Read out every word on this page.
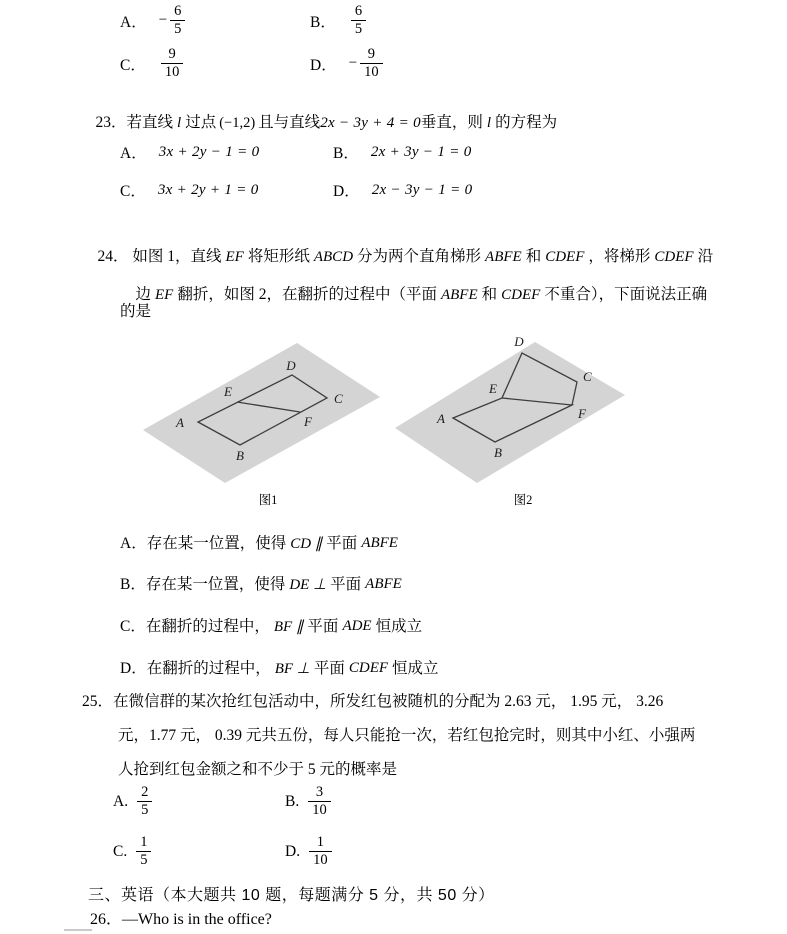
A． − $\frac{6}{5}$	B． $\frac{6}{5}$
C． $\frac{9}{10}$	D． − $\frac{9}{10}$

23．若直线 l 过点 (−1,2) 且与直线2x − 3y + 4 = 0垂直，则 l 的方程为

A． 3x + 2y − 1 = 0	B． 2x + 3y − 1 = 0
C． 3x + 2y + 1 = 0	D． 2x − 3y − 1 = 0

24． 如图 1，直线 EF 将矩形纸 ABCD 分为两个直角梯形 ABFE 和 CDEF ，将梯形 CDEF 沿

边 EF 翻折，如图 2，在翻折的过程中（平面 ABFE 和 CDEF 不重合），下面说法正确

的是
A
B
C
D
E
F
图1
A
B
C
D
E
F
图2
A．存在某一位置，使得 CD ∥ 平面 ABFE
B．存在某一位置，使得 DE ⊥ 平面 ABFE
C．在翻折的过程中， BF ∥ 平面 ADE 恒成立
D．在翻折的过程中， BF ⊥ 平面 CDEF 恒成立
25．在微信群的某次抢红包活动中，所发红包被随机的分配为 2.63 元， 1.95 元， 3.26
元，1.77 元， 0.39 元共五份，每人只能抢一次，若红包抢完时，则其中小红、小强两
人抢到红包金额之和不少于 5 元的概率是
A. $\frac{2}{5}$	B. $\frac{3}{10}$
C. $\frac{1}{5}$	D. $\frac{1}{10}$
三、英语（本大题共 10 题，每题满分 5 分，共 50 分）
26．—Who is in the office?
